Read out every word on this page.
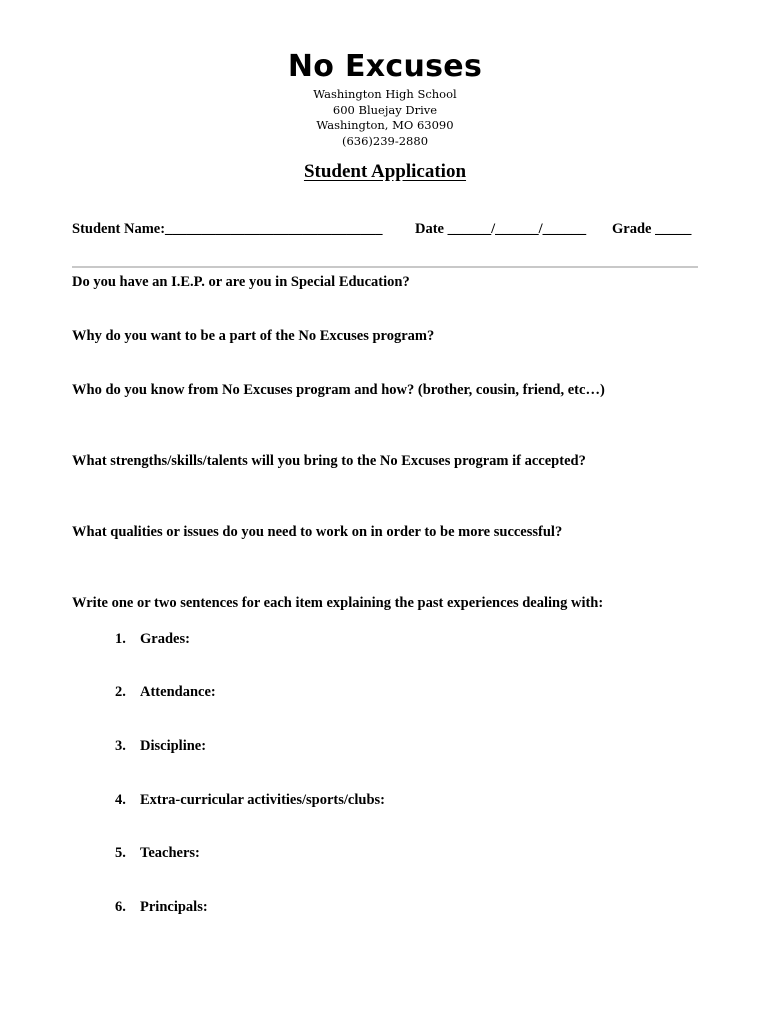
No Excuses
Washington High School
600 Bluejay Drive
Washington, MO 63090
(636)239-2880
Student Application
Student Name:______________________________ Date ______/______/______ Grade _____
Do you have an I.E.P. or are you in Special Education?
Why do you want to be a part of the No Excuses program?
Who do you know from No Excuses program and how? (brother, cousin, friend, etc…)
What strengths/skills/talents will you bring to the No Excuses program if accepted?
What qualities or issues do you need to work on in order to be more successful?
Write one or two sentences for each item explaining the past experiences dealing with:
1. Grades:
2. Attendance:
3. Discipline:
4. Extra-curricular activities/sports/clubs:
5. Teachers:
6. Principals:
